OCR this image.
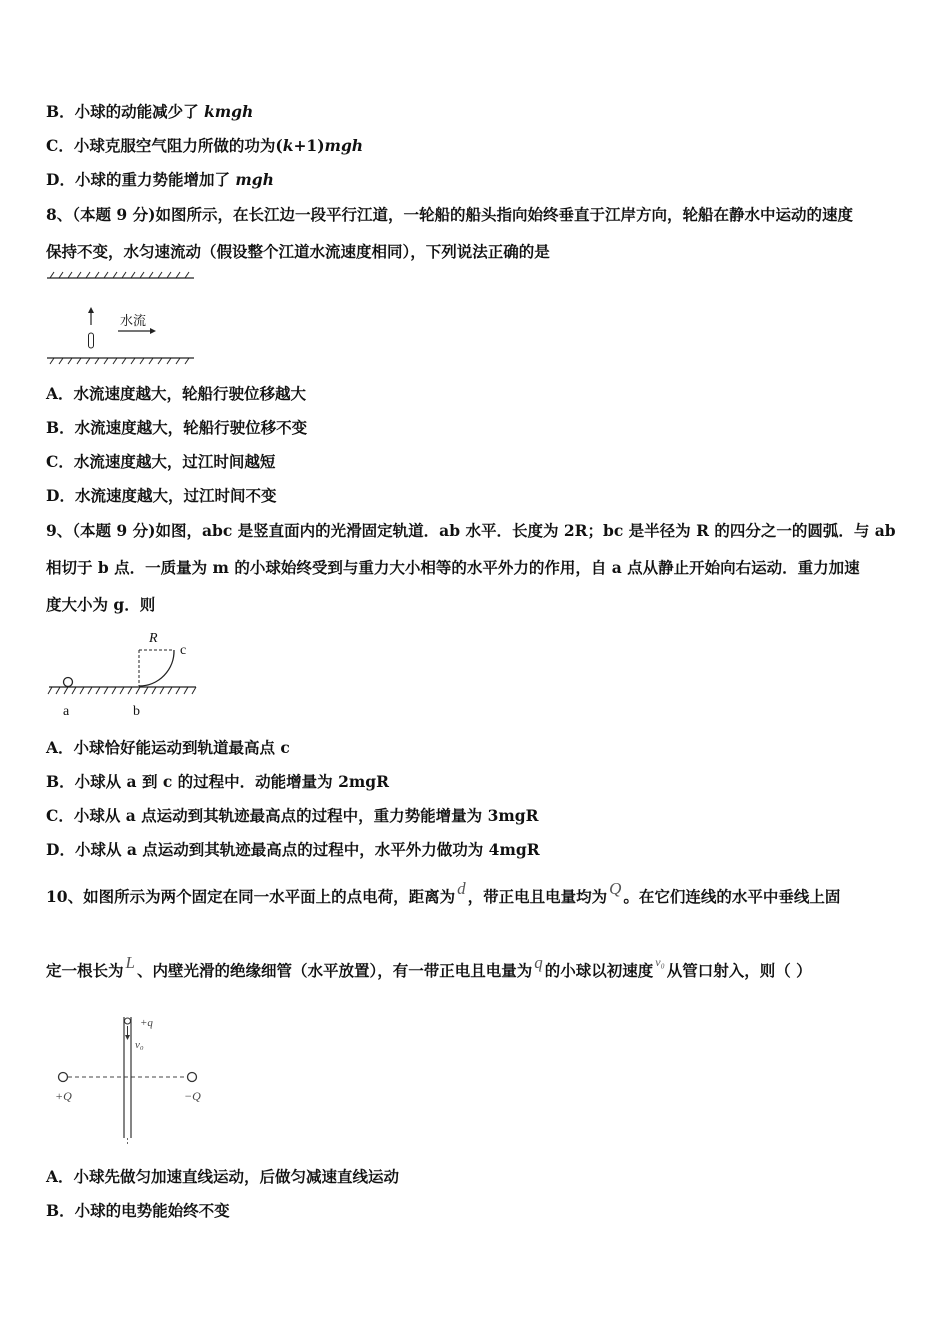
B．小球的动能减少了 kmgh
C．小球克服空气阻力所做的功为(k+1)mgh
D．小球的重力势能增加了 mgh
8、（本题 9 分)如图所示，在长江边一段平行江道，一轮船的船头指向始终垂直于江岸方向，轮船在静水中运动的速度
保持不变，水匀速流动（假设整个江道水流速度相同），下列说法正确的是
水流
A．水流速度越大，轮船行驶位移越大
B．水流速度越大，轮船行驶位移不变
C．水流速度越大，过江时间越短
D．水流速度越大，过江时间不变
9、（本题 9 分)如图，abc 是竖直面内的光滑固定轨道．ab 水平．长度为 2R；bc 是半径为 R 的四分之一的圆弧．与 ab
相切于 b 点．一质量为 m 的小球始终受到与重力大小相等的水平外力的作用，自 a 点从静止开始向右运动．重力加速
度大小为 g．则
R
c
a	b
A．小球恰好能运动到轨道最高点 c
B．小球从 a 到 c 的过程中．动能增量为 2mgR
C．小球从 a 点运动到其轨迹最高点的过程中，重力势能增量为 3mgR
D．小球从 a 点运动到其轨迹最高点的过程中，水平外力做功为 4mgR
10、如图所示为两个固定在同一水平面上的点电荷，距离为 d ，带正电且电量均为 Q 。在它们连线的水平中垂线上固
定一根长为 L 、内壁光滑的绝缘细管（水平放置），有一带正电且电量为 q 的小球以初速度 $^{v_0}$ 从管口射入，则（ ）
+Q	−Q
+q
v₀
A．小球先做匀加速直线运动，后做匀减速直线运动
B．小球的电势能始终不变
